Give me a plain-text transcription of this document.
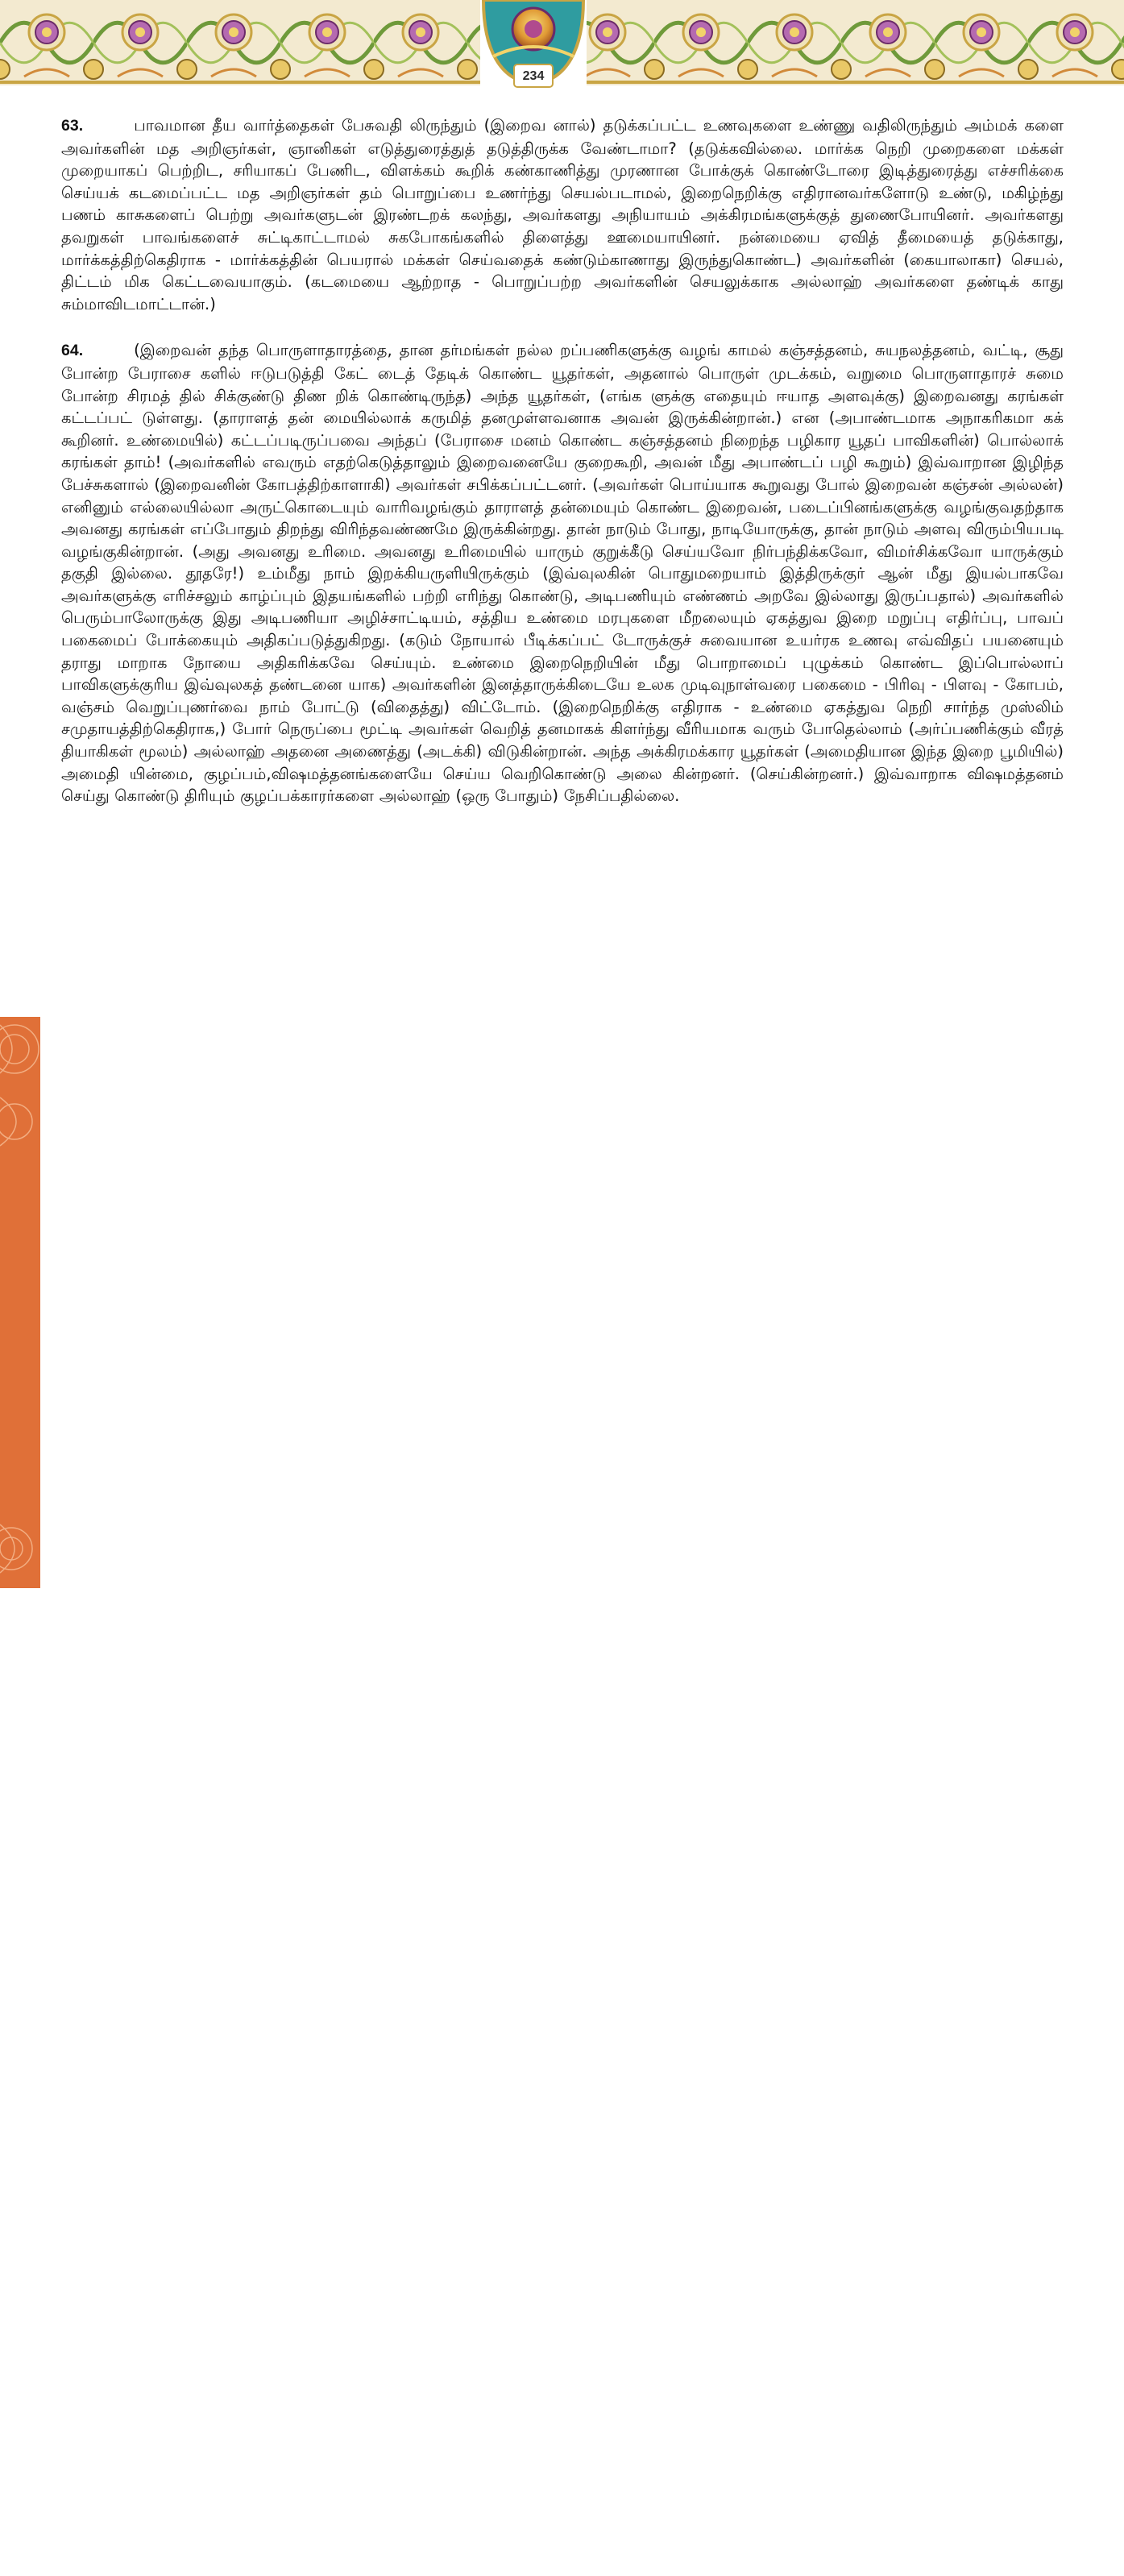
234
அதிகாரம் 6 | 5 • அல் மாயிதஹ்

63.	பாவமான தீய வார்த்தைகள் பேசுவதி லிருந்தும் (இறைவ னால்) தடுக்கப்பட்ட உணவுகளை உண்ணு வதிலிருந்தும் அம்மக் களை அவர்களின் மத அறிஞர்கள், ஞானிகள் எடுத்துரைத்துத் தடுத்திருக்க வேண்டாமா? (தடுக்கவில்லை. மார்க்க நெறி முறைகளை மக்கள் முறையாகப் பெற்றிட, சரியாகப் பேணிட, விளக்கம் கூறிக் கண்காணித்து முரணான போக்குக் கொண்டோரை இடித்துரைத்து எச்சரிக்கை செய்யக் கடமைப்பட்ட மத அறிஞர்கள் தம் பொறுப்பை உணர்ந்து செயல்படாமல், இறைநெறிக்கு எதிரானவர்களோடு உண்டு, மகிழ்ந்து பணம் காசுகளைப் பெற்று அவர்களுடன் இரண்டறக் கலந்து, அவர்களது அநியாயம் அக்கிரமங்களுக்குத் துணைபோயினர். அவர்களது தவறுகள் பாவங்களைச் சுட்டிகாட்டாமல் சுகபோகங்களில் திளைத்து ஊமையாயினர். நன்மையை ஏவித் தீமையைத் தடுக்காது, மார்க்கத்திற்கெதிராக - மார்க்கத்தின் பெயரால் மக்கள் செய்வதைக் கண்டும்காணாது இருந்துகொண்ட) அவர்களின் (கையாலாகா) செயல், திட்டம் மிக கெட்டவையாகும். (கடமையை ஆற்றாத - பொறுப்பற்ற அவர்களின் செயலுக்காக அல்லாஹ் அவர்களை தண்டிக் காது சும்மாவிடமாட்டான்.)

64.	(இறைவன் தந்த பொருளாதாரத்தை, தான தர்மங்கள் நல்ல றப்பணிகளுக்கு வழங் காமல் கஞ்சத்தனம், சுயநலத்தனம், வட்டி, சூது போன்ற பேராசை களில் ஈடுபடுத்தி கேட் டைத் தேடிக் கொண்ட யூதர்கள், அதனால் பொருள் முடக்கம், வறுமை பொருளாதாரச் சுமை போன்ற சிரமத் தில் சிக்குண்டு திண றிக் கொண்டிருந்த) அந்த யூதர்கள், (எங்க ளுக்கு எதையும் ஈயாத அளவுக்கு) இறைவனது கரங்கள் கட்டப்பட் டுள்ளது. (தாராளத் தன் மையில்லாக் கருமித் தனமுள்ளவனாக அவன் இருக்கின்றான்.) என (அபாண்டமாக அநாகரிகமா கக் கூறினர். உண்மையில்) கட்டப்படிருப்பவை அந்தப் (பேராசை மனம் கொண்ட கஞ்சத்தனம் நிறைந்த பழிகார யூதப் பாவிகளின்) பொல்லாக் கரங்கள் தாம்! (அவர்களில் எவரும் எதற்கெடுத்தாலும் இறைவனையே குறைகூறி, அவன் மீது அபாண்டப் பழி கூறும்) இவ்வாறான இழிந்த பேச்சுகளால் (இறைவனின் கோபத்திற்காளாகி) அவர்கள் சபிக்கப்பட்டனர். (அவர்கள் பொய்யாக கூறுவது போல் இறைவன் கஞ்சன் அல்லன்) எனினும் எல்லையில்லா அருட்கொடையும் வாரிவழங்கும் தாராளத் தன்மையும் கொண்ட இறைவன், படைப்பினங்களுக்கு வழங்குவதற்தாக அவனது கரங்கள் எப்போதும் திறந்து விரிந்தவண்ணமே இருக்கின்றது. தான் நாடும் போது, நாடியோருக்கு, தான் நாடும் அளவு விரும்பியபடி வழங்குகின்றான். (அது அவனது உரிமை. அவனது உரிமையில் யாரும் குறுக்கீடு செய்யவோ நிர்பந்திக்கவோ, விமர்சிக்கவோ யாருக்கும் தகுதி இல்லை. தூதரே!) உம்மீது நாம் இறக்கியருளியிருக்கும் (இவ்வுலகின் பொதுமறையாம் இத்திருக்குர் ஆன் மீது இயல்பாகவே அவர்களுக்கு எரிச்சலும் காழ்ப்பும் இதயங்களில் பற்றி எரிந்து கொண்டு, அடிபணியும் எண்ணம் அறவே இல்லாது இருப்பதால்) அவர்களில் பெரும்பாலோருக்கு இது அடிபணியா அழிச்சாட்டியம், சத்திய உண்மை மரபுகளை மீறலையும் ஏகத்துவ இறை மறுப்பு எதிர்ப்பு, பாவப் பகைமைப் போக்கையும் அதிகப்படுத்துகிறது. (கடும் நோயால் பீடிக்கப்பட் டோருக்குச் சுவையான உயர்ரக உணவு எவ்விதப் பயனையும் தராது மாறாக நோயை அதிகரிக்கவே செய்யும். உண்மை இறைநெறியின் மீது பொறாமைப் புழுக்கம் கொண்ட இப்பொல்லாப் பாவிகளுக்குரிய இவ்வுலகத் தண்டனை யாக) அவர்களின் இனத்தாருக்கிடையே உலக முடிவுநாள்வரை பகைமை - பிரிவு - பிளவு - கோபம், வஞ்சம் வெறுப்புணர்வை நாம் போட்டு (விதைத்து) விட்டோம். (இறைநெறிக்கு எதிராக - உண்மை ஏகத்துவ நெறி சார்ந்த முஸ்லிம் சமுதாயத்திற்கெதிராக,) போர் நெருப்பை மூட்டி அவர்கள் வெறித் தனமாகக் கிளர்ந்து வீரியமாக வரும் போதெல்லாம் (அர்ப்பணிக்கும் வீரத் தியாகிகள் மூலம்) அல்லாஹ் அதனை அணைத்து (அடக்கி) விடுகின்றான். அந்த அக்கிரமக்கார யூதர்கள் (அமைதியான இந்த இறை பூமியில்) அமைதி யின்மை, குழப்பம்,விஷமத்தனங்களையே செய்ய வெறிகொண்டு அலை கின்றனர். (செய்கின்றனர்.) இவ்வாறாக விஷமத்தனம் செய்து கொண்டு திரியும் குழப்பக்காரர்களை அல்லாஹ் (ஒரு போதும்) நேசிப்பதில்லை.
